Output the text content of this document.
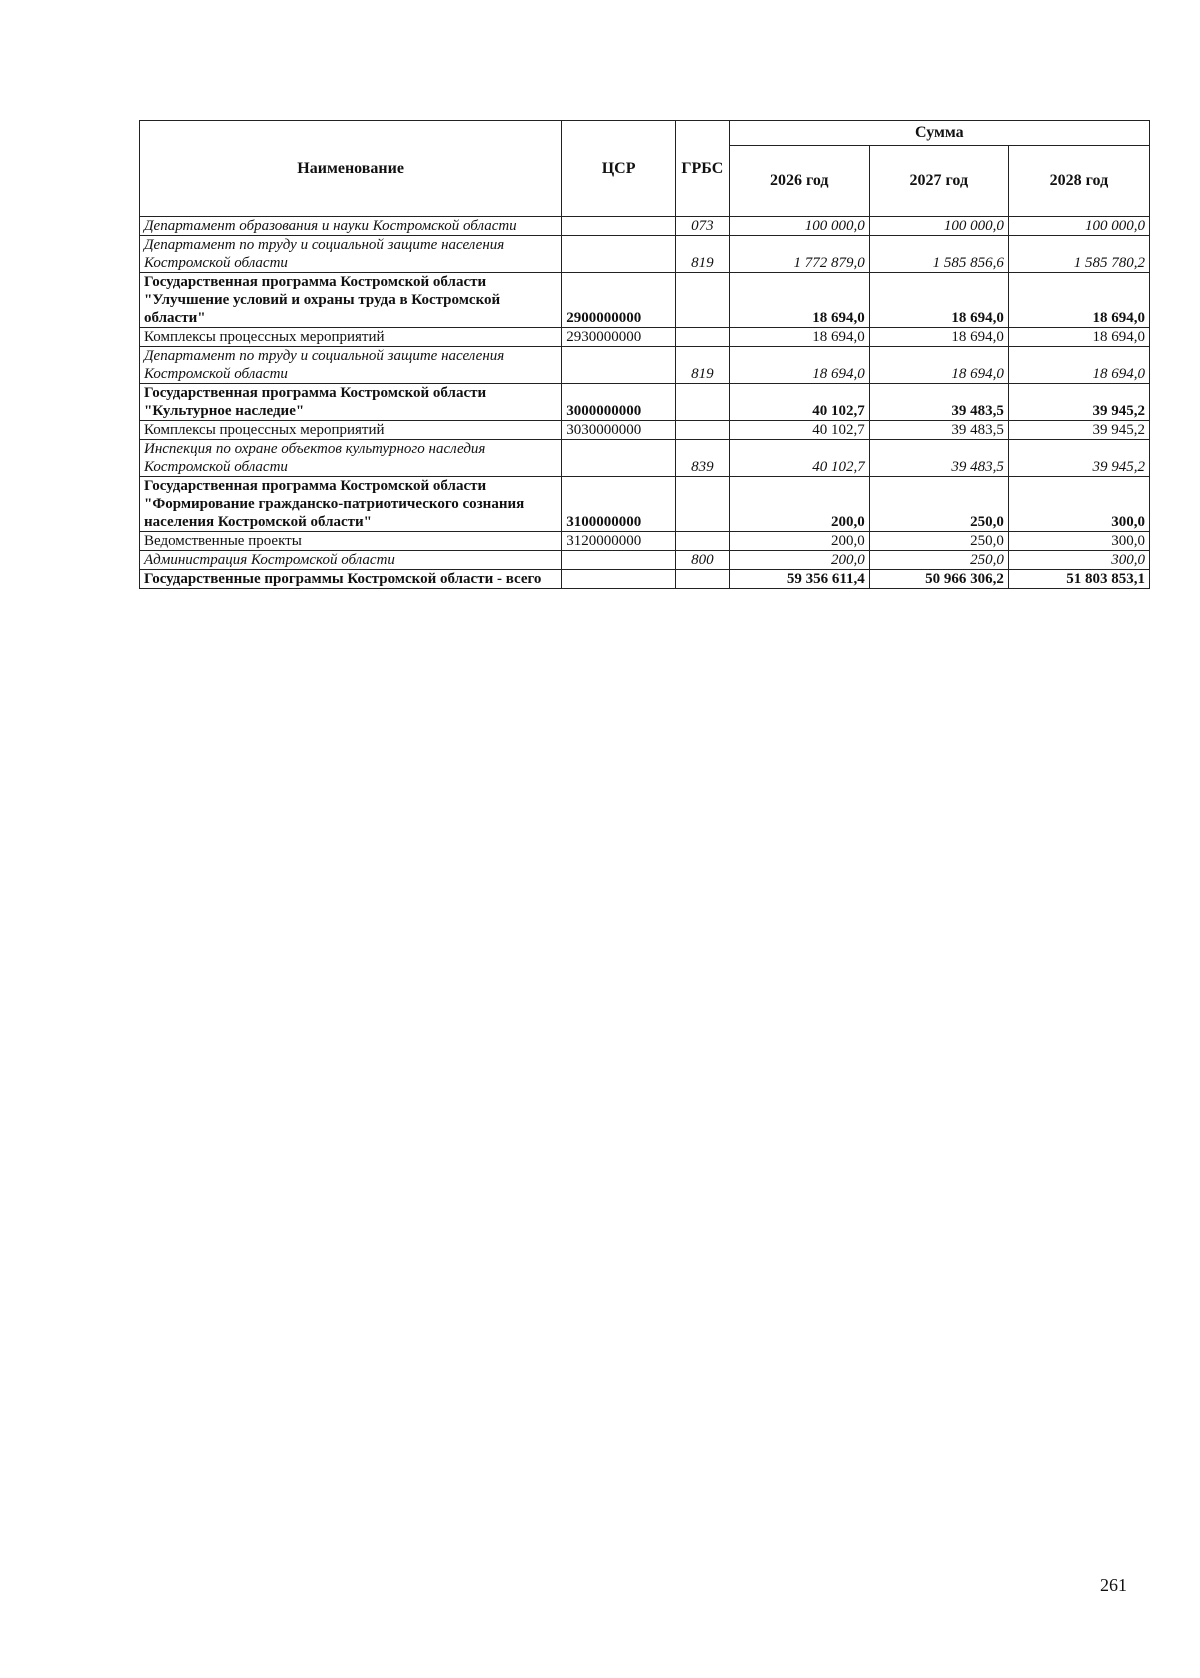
Наименование	ЦСР	ГРБС	Сумма		
			2026 год	2027 год	2028 год
Департамент образования и науки Костромской области		073	100 000,0	100 000,0	100 000,0
Департамент по труду и социальной защите населения Костромской области		819	1 772 879,0	1 585 856,6	1 585 780,2
Государственная программа Костромской области "Улучшение условий и охраны труда в Костромской области"	2900000000		18 694,0	18 694,0	18 694,0
Комплексы процессных мероприятий	2930000000		18 694,0	18 694,0	18 694,0
Департамент по труду и социальной защите населения Костромской области		819	18 694,0	18 694,0	18 694,0
Государственная программа Костромской области "Культурное наследие"	3000000000		40 102,7	39 483,5	39 945,2
Комплексы процессных мероприятий	3030000000		40 102,7	39 483,5	39 945,2
Инспекция по охране объектов культурного наследия Костромской области		839	40 102,7	39 483,5	39 945,2
Государственная программа Костромской области "Формирование гражданско-патриотического сознания населения Костромской области"	3100000000		200,0	250,0	300,0
Ведомственные проекты	3120000000		200,0	250,0	300,0
Администрация Костромской области		800	200,0	250,0	300,0
Государственные программы Костромской области - всего			59 356 611,4	50 966 306,2	51 803 853,1
261
